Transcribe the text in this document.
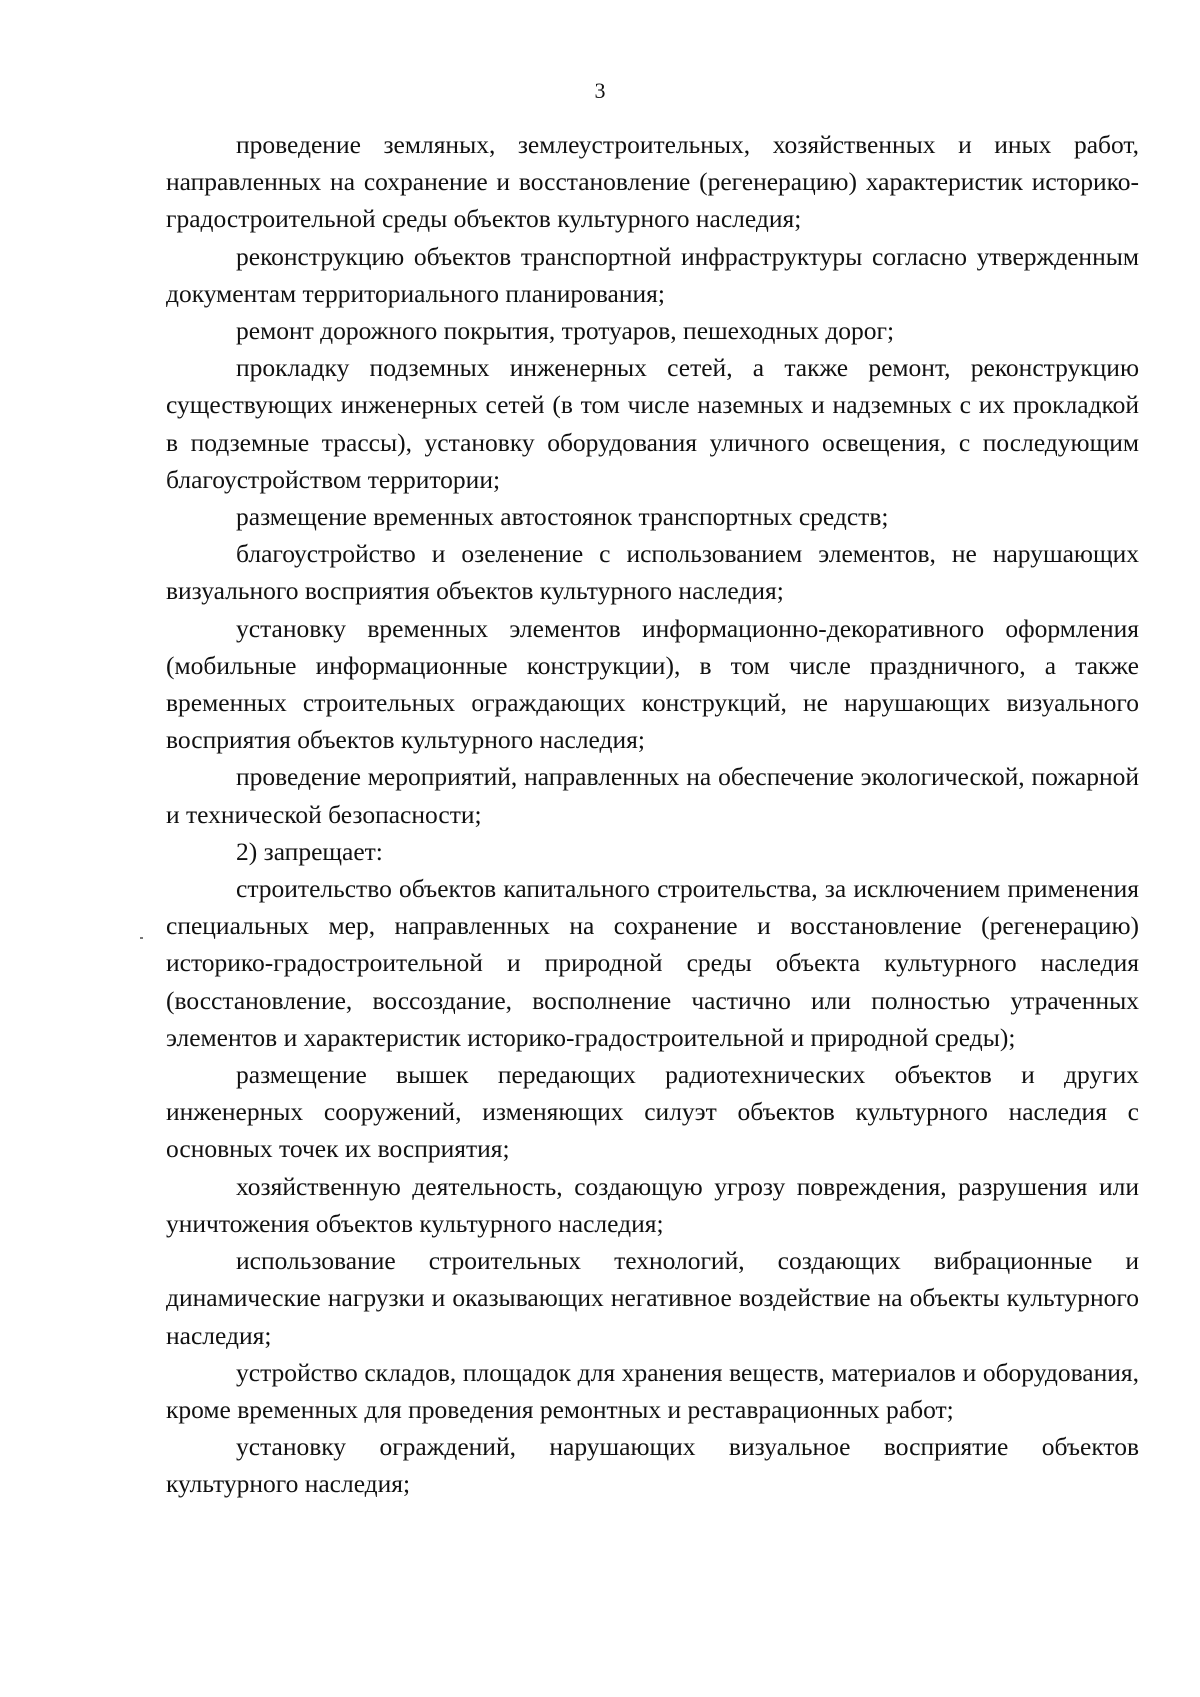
3

проведение земляных, землеустроительных, хозяйственных и иных работ, направленных на сохранение и восстановление (регенерацию) характеристик историко-градостроительной среды объектов культурного наследия;

реконструкцию объектов транспортной инфраструктуры согласно утвержденным документам территориального планирования;

ремонт дорожного покрытия, тротуаров, пешеходных дорог;

прокладку подземных инженерных сетей, а также ремонт, реконструкцию существующих инженерных сетей (в том числе наземных и надземных с их прокладкой в подземные трассы), установку оборудования уличного освещения, с последующим благоустройством территории;

размещение временных автостоянок транспортных средств;

благоустройство и озеленение с использованием элементов, не нарушающих визуального восприятия объектов культурного наследия;

установку временных элементов информационно-декоративного оформления (мобильные информационные конструкции), в том числе праздничного, а также временных строительных ограждающих конструкций, не нарушающих визуального восприятия объектов культурного наследия;

проведение мероприятий, направленных на обеспечение экологической, пожарной и технической безопасности;

2) запрещает:

строительство объектов капитального строительства, за исключением применения специальных мер, направленных на сохранение и восстановление (регенерацию) историко-градостроительной и природной среды объекта культурного наследия (восстановление, воссоздание, восполнение частично или полностью утраченных элементов и характеристик историко-градостроительной и природной среды);

размещение вышек передающих радиотехнических объектов и других инженерных сооружений, изменяющих силуэт объектов культурного наследия с основных точек их восприятия;

хозяйственную деятельность, создающую угрозу повреждения, разрушения или уничтожения объектов культурного наследия;

использование строительных технологий, создающих вибрационные и динамические нагрузки и оказывающих негативное воздействие на объекты культурного наследия;

устройство складов, площадок для хранения веществ, материалов и оборудования, кроме временных для проведения ремонтных и реставрационных работ;

установку ограждений, нарушающих визуальное восприятие объектов культурного наследия;
